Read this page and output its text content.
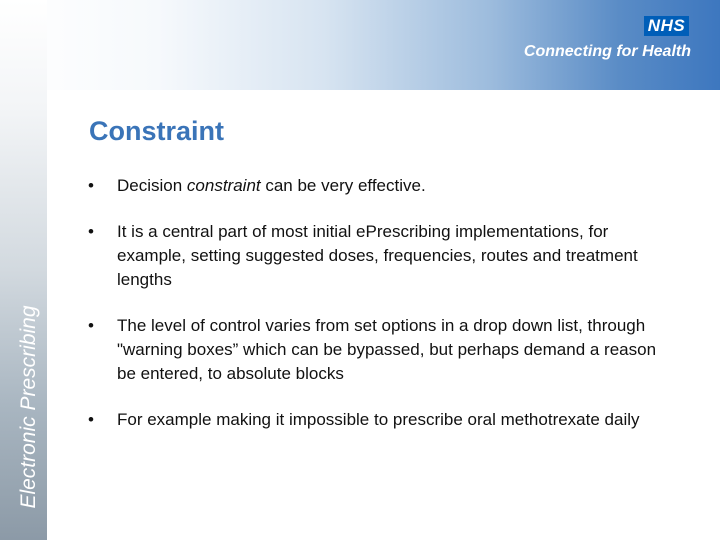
NHS
Connecting for Health
Electronic Prescribing
Constraint
•	Decision constraint can be very effective.
•	It is a central part of most initial ePrescribing implementations, for example, setting suggested doses, frequencies, routes and treatment lengths
•	The level of control varies from set options in a drop down list, through "warning boxes” which can be bypassed, but perhaps demand a reason be entered, to absolute blocks
•	For example making it impossible to prescribe oral methotrexate daily
